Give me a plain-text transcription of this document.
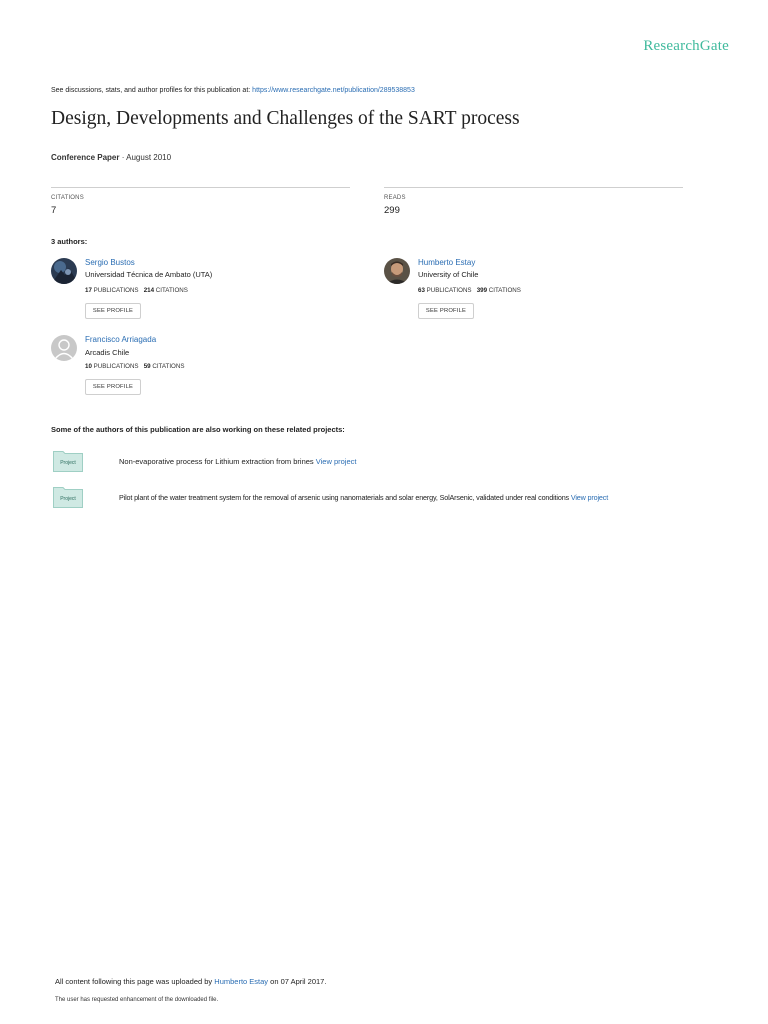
ResearchGate
See discussions, stats, and author profiles for this publication at: https://www.researchgate.net/publication/289538853
Design, Developments and Challenges of the SART process
Conference Paper · August 2010
CITATIONS
7
READS
299
3 authors:
Sergio Bustos
Universidad Técnica de Ambato (UTA)
17 PUBLICATIONS 214 CITATIONS
SEE PROFILE
Humberto Estay
University of Chile
63 PUBLICATIONS 399 CITATIONS
SEE PROFILE
Francisco Arriagada
Arcadis Chile
10 PUBLICATIONS 59 CITATIONS
SEE PROFILE
Some of the authors of this publication are also working on these related projects:
Project	Non-evaporative process for Lithium extraction from brines View project
Project	Pilot plant of the water treatment system for the removal of arsenic using nanomaterials and solar energy, SolArsenic, validated under real conditions View project
All content following this page was uploaded by Humberto Estay on 07 April 2017.
The user has requested enhancement of the downloaded file.
